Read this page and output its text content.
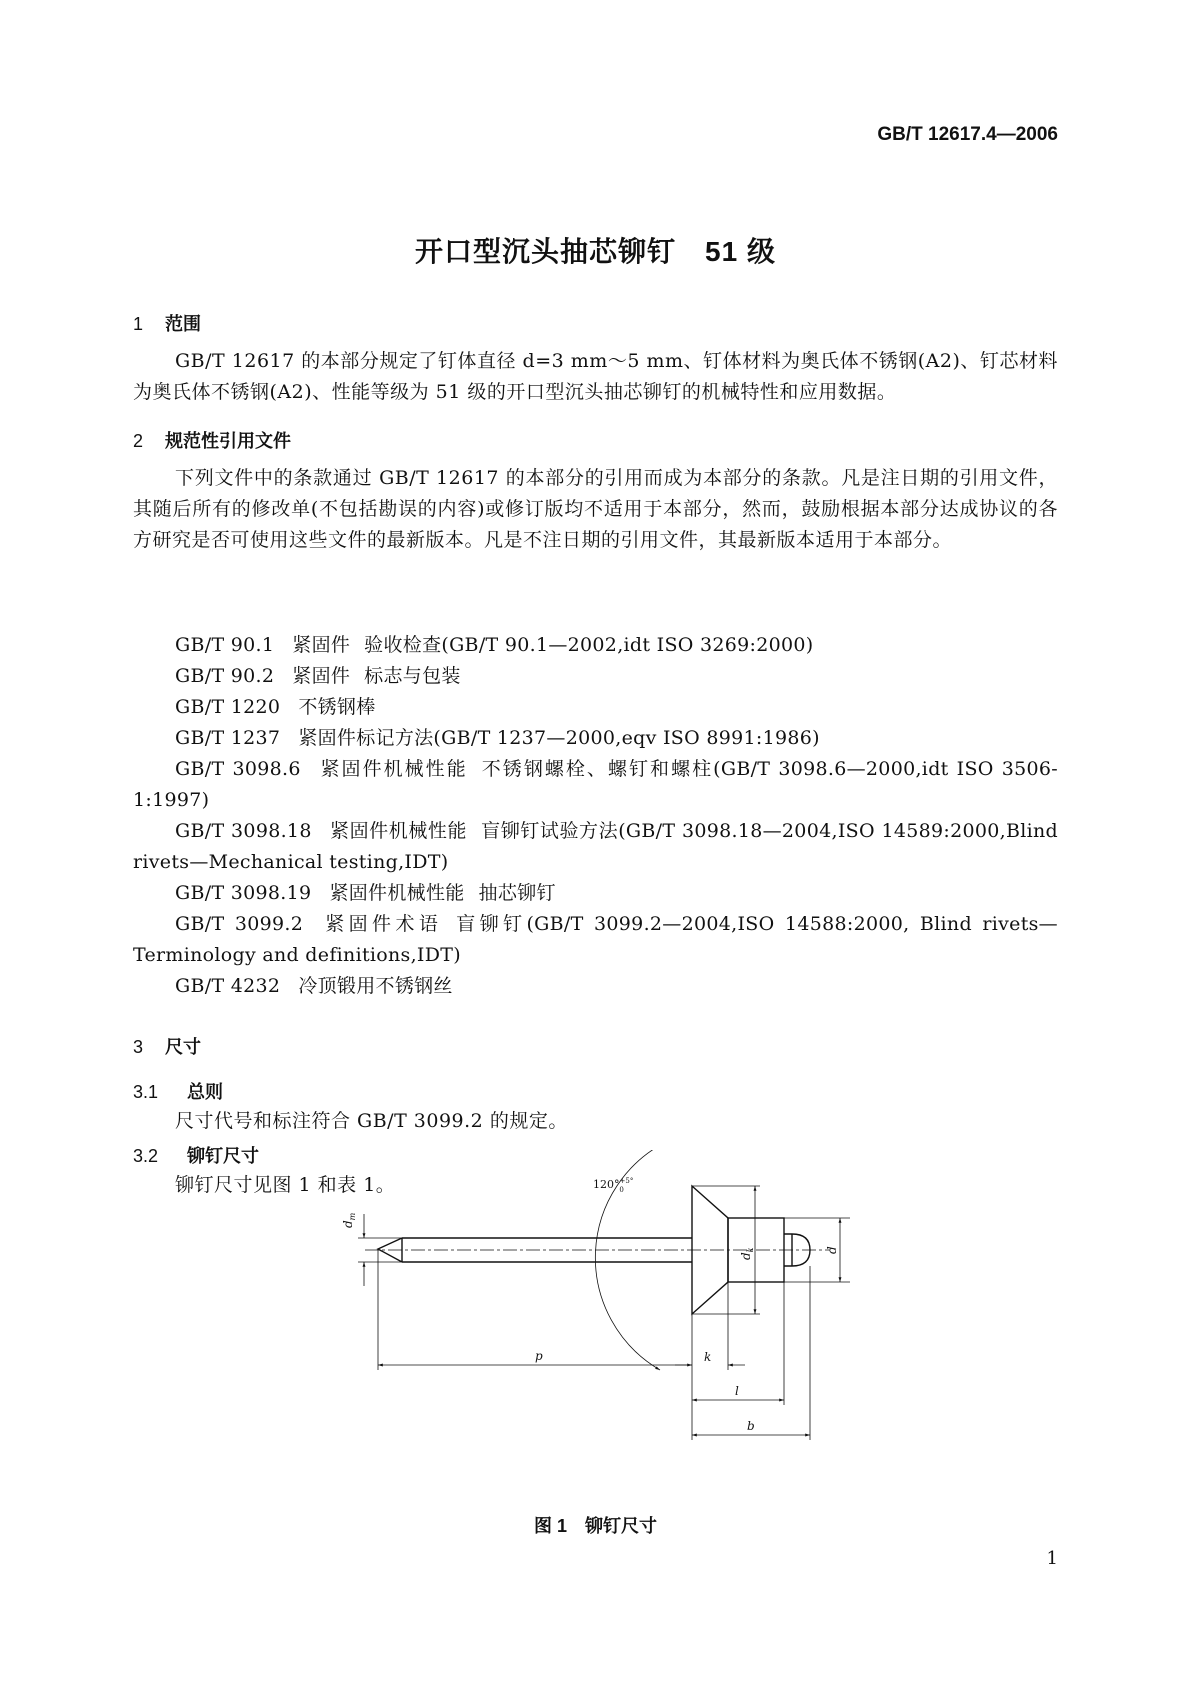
GB/T 12617.4—2006
开口型沉头抽芯铆钉　51 级
1 范围
GB/T 12617 的本部分规定了钉体直径 d=3 mm～5 mm、钉体材料为奥氏体不锈钢(A2)、钉芯材料为奥氏体不锈钢(A2)、性能等级为 51 级的开口型沉头抽芯铆钉的机械特性和应用数据。
2 规范性引用文件
下列文件中的条款通过 GB/T 12617 的本部分的引用而成为本部分的条款。凡是注日期的引用文件，其随后所有的修改单(不包括勘误的内容)或修订版均不适用于本部分，然而，鼓励根据本部分达成协议的各方研究是否可使用这些文件的最新版本。凡是不注日期的引用文件，其最新版本适用于本部分。
GB/T 90.1 紧固件 验收检查(GB/T 90.1—2002,idt ISO 3269:2000)
GB/T 90.2 紧固件 标志与包装
GB/T 1220 不锈钢棒
GB/T 1237 紧固件标记方法(GB/T 1237—2000,eqv ISO 8991:1986)
GB/T 3098.6 紧固件机械性能 不锈钢螺栓、螺钉和螺柱(GB/T 3098.6—2000,idt ISO 3506-1:1997)
GB/T 3098.18 紧固件机械性能 盲铆钉试验方法(GB/T 3098.18—2004,ISO 14589:2000,Blind rivets—Mechanical testing,IDT)
GB/T 3098.19 紧固件机械性能 抽芯铆钉
GB/T 3099.2 紧固件术语 盲铆钉(GB/T 3099.2—2004,ISO 14588:2000, Blind rivets—Terminology and definitions,IDT)
GB/T 4232 冷顶锻用不锈钢丝
3 尺寸
3.1 总则
尺寸代号和标注符合 GB/T 3099.2 的规定。
3.2 铆钉尺寸
铆钉尺寸见图 1 和表 1。
$d_m$
$d_k$	d
p	k
l
b
120°$^{+5^\circ}$ 0
图 1 铆钉尺寸
1
